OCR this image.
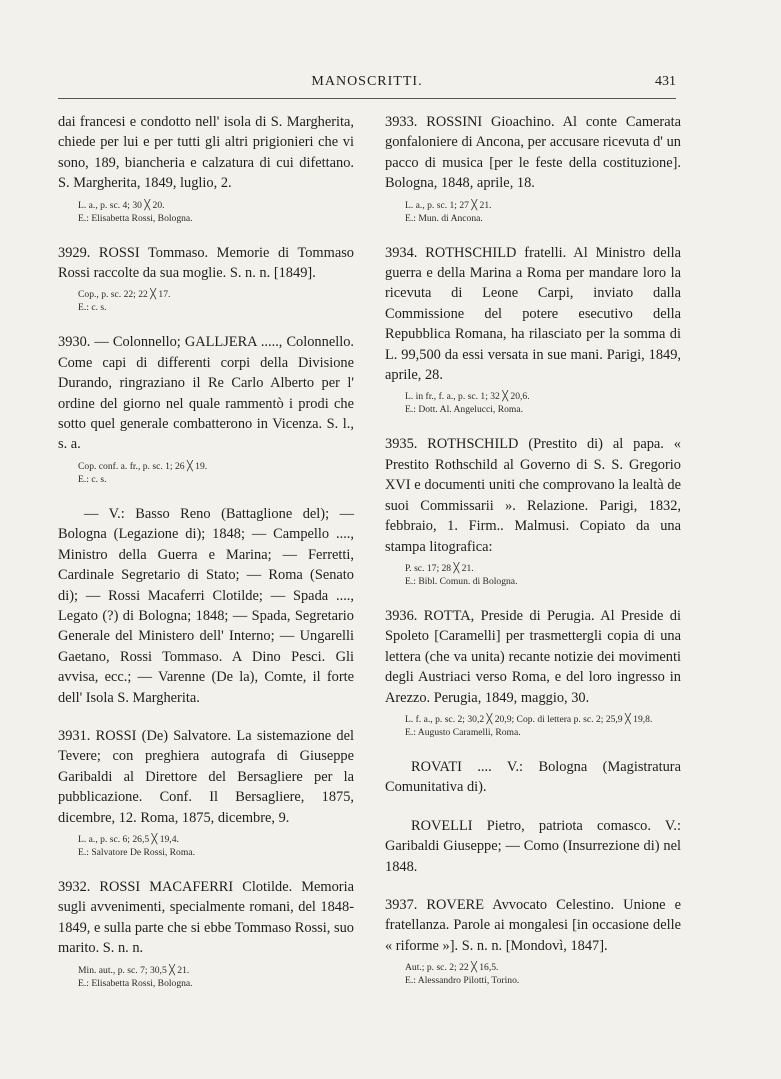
MANOSCRITTI.	431

dai francesi e condotto nell' isola di S. Margherita, chiede per lui e per tutti gli altri prigionieri che vi sono, 189, biancheria e calzatura di cui difettano. S. Margherita, 1849, luglio, 2.

L. a., p. sc. 4; 30 ╳ 20.
E.: Elisabetta Rossi, Bologna.

3929. ROSSI Tommaso. Memorie di Tommaso Rossi raccolte da sua moglie. S. n. n. [1849].

Cop., p. sc. 22; 22 ╳ 17.
E.: c. s.

3930. — Colonnello; GALLJERA ....., Colonnello. Come capi di differenti corpi della Divisione Durando, ringraziano il Re Carlo Alberto per l' ordine del giorno nel quale rammentò i prodi che sotto quel generale combatterono in Vicenza. S. l., s. a.

Cop. conf. a. fr., p. sc. 1; 26 ╳ 19.
E.: c. s.

— V.: Basso Reno (Battaglione del); — Bologna (Legazione di); 1848; — Campello ...., Ministro della Guerra e Marina; — Ferretti, Cardinale Segretario di Stato; — Roma (Senato di); — Rossi Macaferri Clotilde; — Spada ...., Legato (?) di Bologna; 1848; — Spada, Segretario Generale del Ministero dell' Interno; — Ungarelli Gaetano, Rossi Tommaso. A Dino Pesci. Gli avvisa, ecc.; — Varenne (De la), Comte, il forte dell' Isola S. Margherita.

3931. ROSSI (De) Salvatore. La sistemazione del Tevere; con preghiera autografa di Giuseppe Garibaldi al Direttore del Bersagliere per la pubblicazione. Conf. Il Bersagliere, 1875, dicembre, 12. Roma, 1875, dicembre, 9.

L. a., p. sc. 6; 26,5 ╳ 19,4.
E.: Salvatore De Rossi, Roma.

3932. ROSSI MACAFERRI Clotilde. Memoria sugli avvenimenti, specialmente romani, del 1848-1849, e sulla parte che si ebbe Tommaso Rossi, suo marito. S. n. n.

Min. aut., p. sc. 7; 30,5 ╳ 21.
E.: Elisabetta Rossi, Bologna.

3933. ROSSINI Gioachino. Al conte Camerata gonfaloniere di Ancona, per accusare ricevuta d' un pacco di musica [per le feste della costituzione]. Bologna, 1848, aprile, 18.

L. a., p. sc. 1; 27 ╳ 21.
E.: Mun. di Ancona.

3934. ROTHSCHILD fratelli. Al Ministro della guerra e della Marina a Roma per mandare loro la ricevuta di Leone Carpi, inviato dalla Commissione del potere esecutivo della Repubblica Romana, ha rilasciato per la somma di L. 99,500 da essi versata in sue mani. Parigi, 1849, aprile, 28.

L. in fr., f. a., p. sc. 1; 32 ╳ 20,6.
E.: Dott. Al. Angelucci, Roma.

3935. ROTHSCHILD (Prestito di) al papa. « Prestito Rothschild al Governo di S. S. Gregorio XVI e documenti uniti che comprovano la lealtà de suoi Commissarii ». Relazione. Parigi, 1832, febbraio, 1. Firm.. Malmusi. Copiato da una stampa litografica:

P. sc. 17; 28 ╳ 21.
E.: Bibl. Comun. di Bologna.

3936. ROTTA, Preside di Perugia. Al Preside di Spoleto [Caramelli] per trasmettergli copia di una lettera (che va unita) recante notizie dei movimenti degli Austriaci verso Roma, e del loro ingresso in Arezzo. Perugia, 1849, maggio, 30.

L. f. a., p. sc. 2; 30,2 ╳ 20,9; Cop. di lettera p. sc. 2; 25,9 ╳ 19,8.
E.: Augusto Caramelli, Roma.

ROVATI .... V.: Bologna (Magistratura Comunitativa di).

ROVELLI Pietro, patriota comasco. V.: Garibaldi Giuseppe; — Como (Insurrezione di) nel 1848.

3937. ROVERE Avvocato Celestino. Unione e fratellanza. Parole ai mongalesi [in occasione delle « riforme »]. S. n. n. [Mondovì, 1847].

Aut.; p. sc. 2; 22 ╳ 16,5.
E.: Alessandro Pilotti, Torino.
